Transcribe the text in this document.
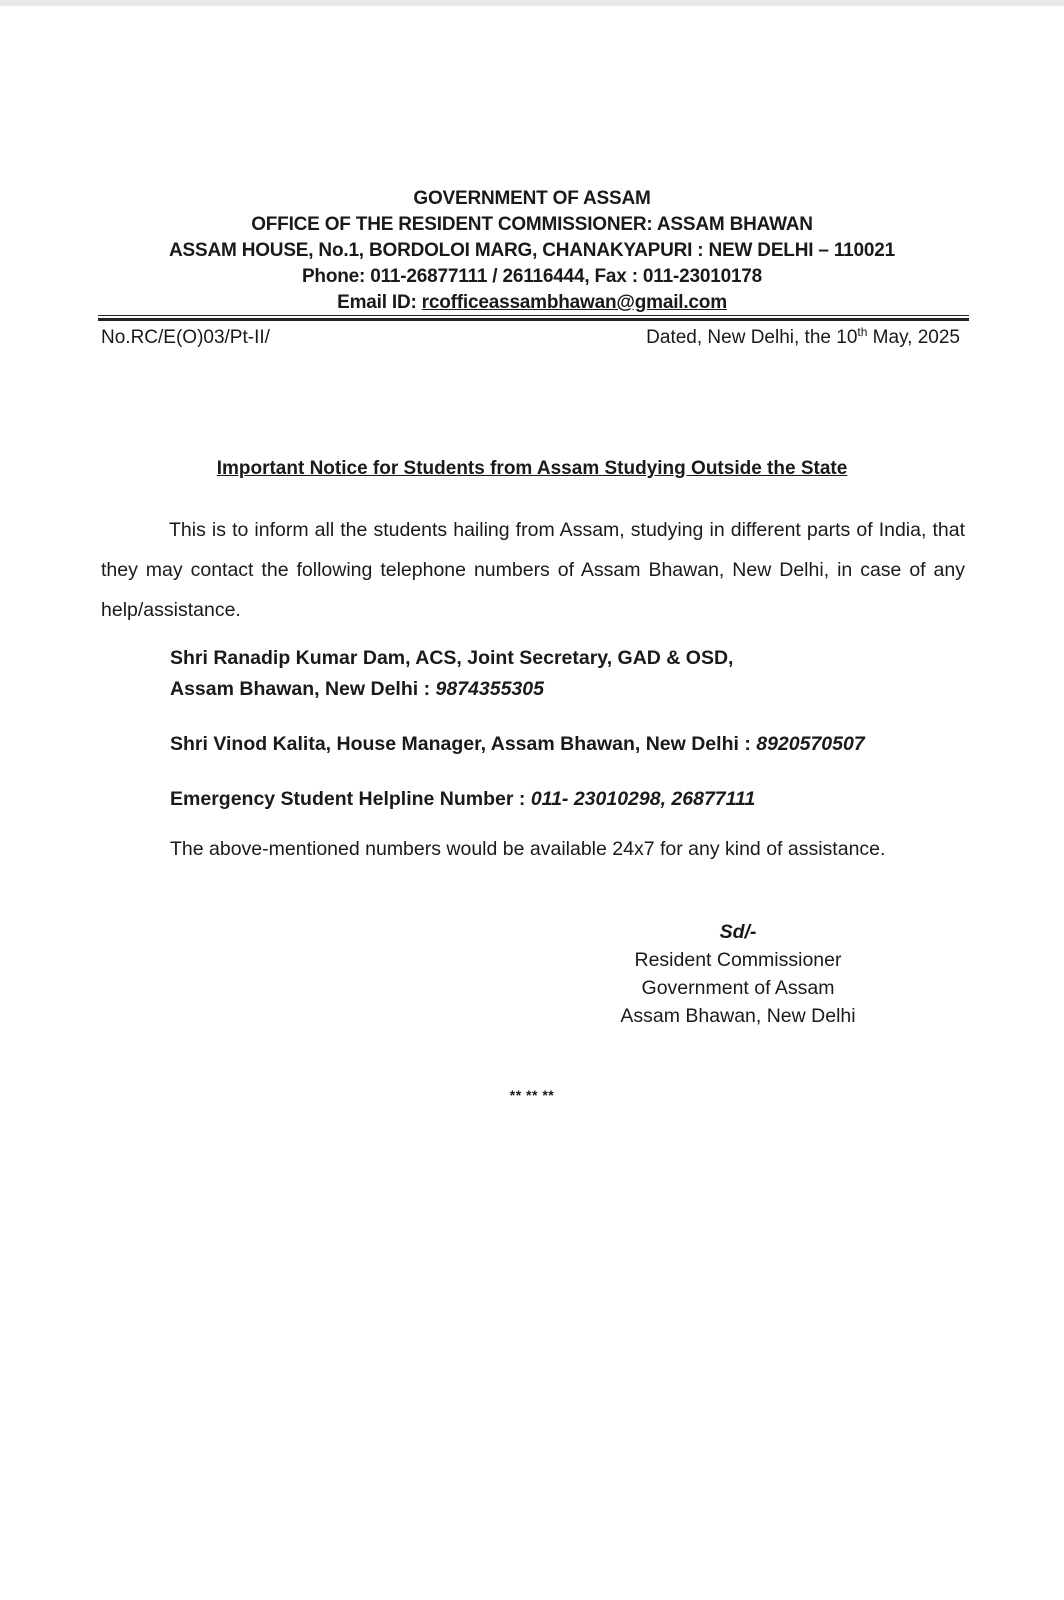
GOVERNMENT OF ASSAM
OFFICE OF THE RESIDENT COMMISSIONER: ASSAM BHAWAN
ASSAM HOUSE, No.1, BORDOLOI MARG, CHANAKYAPURI : NEW DELHI – 110021
Phone: 011-26877111 / 26116444, Fax : 011-23010178
Email ID: rcofficeassambhawan@gmail.com
No.RC/E(O)03/Pt-II/	Dated, New Delhi, the 10th May, 2025
Important Notice for Students from Assam Studying Outside the State

This is to inform all the students hailing from Assam, studying in different parts of India, that they may contact the following telephone numbers of Assam Bhawan, New Delhi, in case of any help/assistance.

Shri Ranadip Kumar Dam, ACS, Joint Secretary, GAD & OSD,
Assam Bhawan, New Delhi : 9874355305
Shri Vinod Kalita, House Manager, Assam Bhawan, New Delhi : 8920570507
Emergency Student Helpline Number : 011- 23010298, 26877111
The above-mentioned numbers would be available 24x7 for any kind of assistance.
Sd/-
Resident Commissioner
Government of Assam
Assam Bhawan, New Delhi
** ** **
